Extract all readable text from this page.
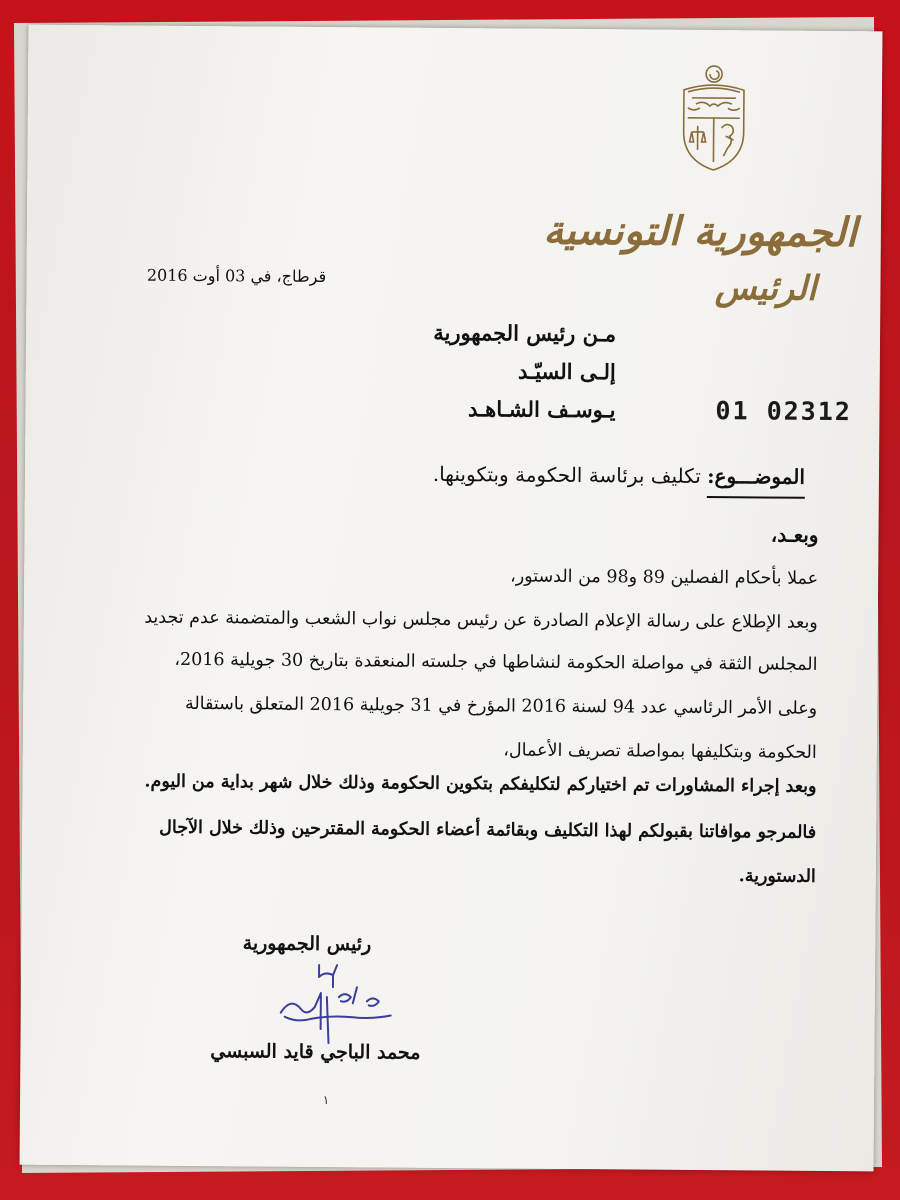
الجمهورية التونسية
الرئيس
قرطاج، في 03 أوت 2016
مـن رئيس الجمهورية
إلـى السيّـد
يـوسـف الشـاهـد	01 02312
الموضـــوع: تكليف برئاسة الحكومة وبتكوينها.
وبعـد،
عملا بأحكام الفصلين 89 و98 من الدستور،
وبعد الإطلاع على رسالة الإعلام الصادرة عن رئيس مجلس نواب الشعب والمتضمنة عدم تجديد
المجلس الثقة في مواصلة الحكومة لنشاطها في جلسته المنعقدة بتاريخ 30 جويلية 2016،
وعلى الأمر الرئاسي عدد 94 لسنة 2016 المؤرخ في 31 جويلية 2016 المتعلق باستقالة
الحكومة وبتكليفها بمواصلة تصريف الأعمال،
وبعد إجراء المشاورات تم اختياركم لتكليفكم بتكوين الحكومة وذلك خلال شهر بداية من اليوم.
فالمرجو موافاتنا بقبولكم لهذا التكليف وبقائمة أعضاء الحكومة المقترحين وذلك خلال الآجال
الدستورية.
رئيس الجمهورية
محمد الباجي قايد السبسي
١
